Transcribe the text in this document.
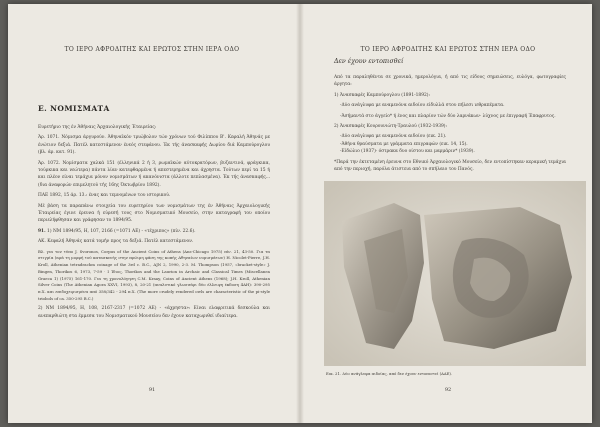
ΤΟ ΙΕΡΟ ΑΦΡΟΔΙΤΗΣ ΚΑΙ ΕΡΩΤΟΣ ΣΤΗΝ ΙΕΡΑ ΟΔΟ
Ε. ΝΟΜΙΣΜΑΤΑ

Ευρετήριο της έν Άθήναις Άρχαιολογικής Έταιρείας:

Άρ. 1071. Νόμισμα άργυρούν. Άθηναϊκόν τριώβολον τών χρόνων τού Φιλίππου Β'. Κεφαλή Άθηνάς με ένώτιον δεξιά. Πατέλ κατεστάμενον ένεός στεφάνου. Έκ τής άνασκαφής Δωρίου διά Καμπούρογλου (βλ. άρ. κατ. 91).

Άρ. 1072. Νομίσματα χαλκά 151 (έλληνικά 2 ή 3, ρωμαϊκών αύτοκρατόρων, βυζαντινά, φράγκικα, τούρκικα και νεώτερα) πάντα λίαν κατεφθαρμένα ή απεστερημένα και άχρηστα. Τούτων περί τα 15 ή και πλέον είναι τεμάχια μόνον νομισμάτων ή ακανόνιστα (άλλοτε πεπλασμένα). Έκ τής άνασκαφής... (δια άναφορών επιμελητού τής 16ης Όκτωβρίου 1892).

ΠΑΕ 1892, 15 άρ. 13.: ένας και τεμνομένων του ιστορικού.

Μέ βάση τα παραπάνω στοιχεία του ευρετηρίου των νομισμάτων της έν Άθήναις Άρχαιολογικής Έταιρείας έγινε έρευνα ή εύρεσή τους στο Νομισματικό Μουσείο, στην καταγραφή του οποίου περιελήφθησαν και γράφησαν το 1894/95.

91. 1) NM 1894/95, Η, 107, 2166 (=1071 ΑΕ) - «τέχριπος» (πίν. 22.6).

ΑΚ. Κεφαλή Άθηνάς κατά τομήν προς τα δεξιά. Πατέλ κατεστάμενον.

Βλ. για τον τύπο J. Svoronos, Corpus of the Ancient Coins of Athens (Ans-Chicago 1975) πίν. 21, 43-50. Για τα στιγμία (αρά τη μορφή τού κατασκευής στην πρώιμη φάση της κοπής Αθηναίων νομισμάτων) H. Nicolet-Pierre, J.H. Kroll, Athenian tetradrachm coinage of the 3rd c. B.C., AJN 2, 1990, 2-3. M. Thompson (1957, «bracket-style» J. Bingen, Thorikos 6, 1973, 7-59 · Ι Ίδιος, Thorikos and the Laurion in Archaic and Classical Times (Miscellanea Graeca 1) (1975) 161-170. Για τη χρονολόγηση C.M. Kraay, Coins of Ancient Athens (1968); J.H. Kroll, Athenian Silver Coins (The Athenian Agora XXVI, 1993), 8, 20-21 (αναλυτικό γλωσσάρι δύο έλλειψη έκδοση 4ΑΗ): 390-295 π.Χ. και επιδοχειρισμένα από 358/342 - 294 π.Χ. (The more crudely rendered owls are characteristic of the pi-style triobols of ca. 350-295 B.C.)

2) NM 1894/95, Η, 108, 2167-2317 (=1072 ΑΕ) - «άχρηστα»: Είναι ελαφριτικά δεσκούλα και ανεπαρθιώτη στα έμμεσα του Νομισματικού Μουσείου δεν έχουν καταχωριθεί ιδιαίτερα.

91
ΤΟ ΙΕΡΟ ΑΦΡΟΔΙΤΗΣ ΚΑΙ ΕΡΩΤΟΣ ΣΤΗΝ ΙΕΡΑ ΟΔΟ
Δεν έχουν εντοπισθεί

Από τα παραληθέντα σε χρονικά, ημερολόγια, ή από τις είδους σημειώσεις, ευλόγα, φωτογραφίες άργητα:

1) Άνασκαφές Καμπούρογλου (1891-1892):

-Δύο ανάγλυφα με αναμενόνα αιδοίου είδυλλά στου πήλεσι ιεθραπέματα.

-Άσήμαντά στο άγγείο* ή ένος και πλαρίον τών δύο λαρνάκων· λύχνος με έπιγραφή Έπαφρυτος.

2) Άνασκαφές Κουρουνιώτη-Τραυλού (1932-1939):

-Δύο ανάγλυφα με αναμενόνα αιδοίου (εικ. 21).

-Άθήνα θραύσματα με γράμματα επιγραφών (εικ. 14, 15).

-Είδώλιο (1937)· όστρακα δυο οίστου και μαρμάριν* (1939).

*Παρά την έκτεταμένη έρευνα στο Εθνικό Άρχαιολογικό Μουσείο, δεν εντοπίστηκαν κεραμική τεμάχια από την περιοχή, παρόλα άτιστεια από το σπήλαιο του Πανός.

Εικ. 21. Δύο ανάγλυφα αιδοίας, από δεν έχουν εντοπιστεί (ΑΑΕ).
92
